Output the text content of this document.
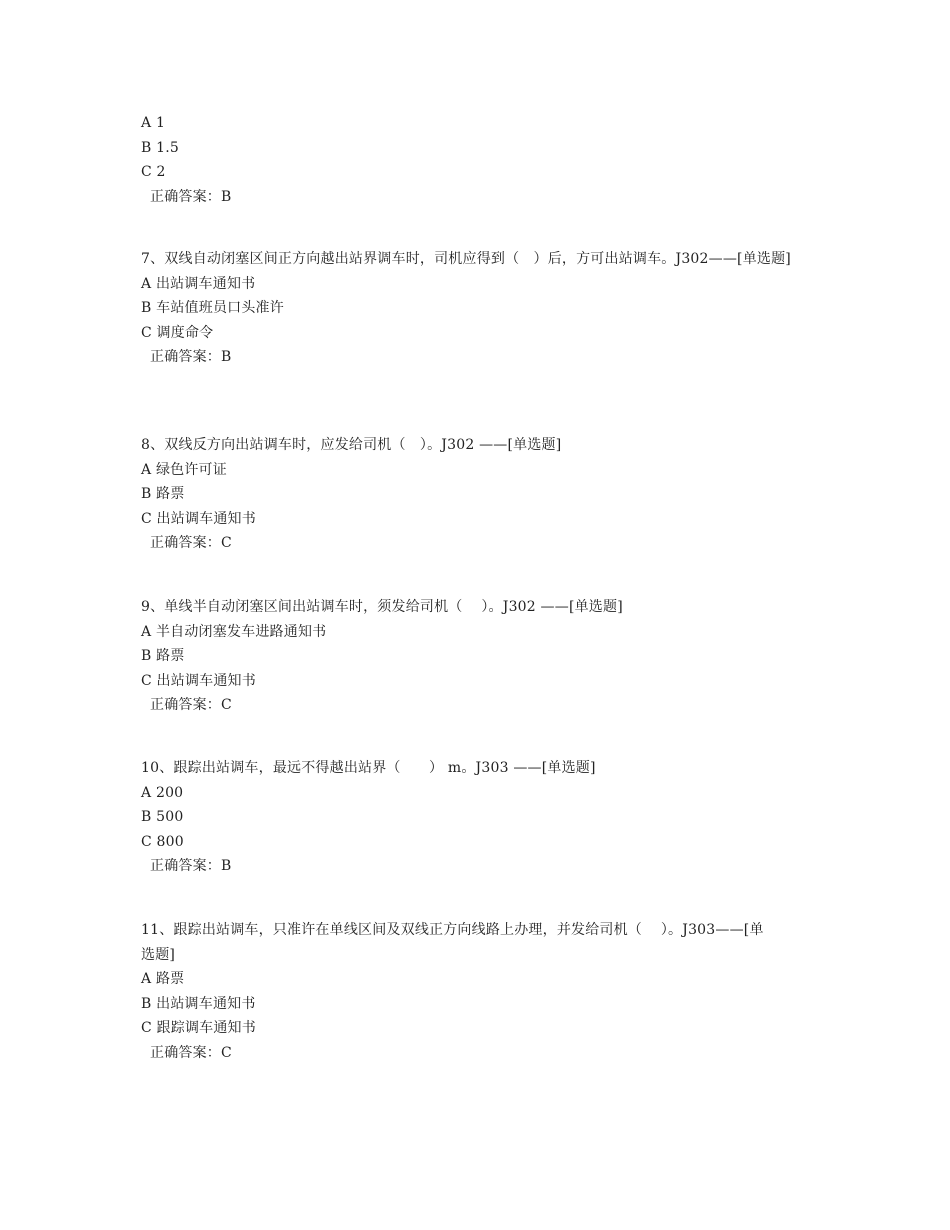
A 1
B 1.5
C 2
正确答案：B
7、双线自动闭塞区间正方向越出站界调车时，司机应得到（　）后，方可出站调车。J302——[单选题]
A 出站调车通知书
B 车站值班员口头准许
C 调度命令
正确答案：B
8、双线反方向出站调车时，应发给司机（　）。J302 ——[单选题]
A 绿色许可证
B 路票
C 出站调车通知书
正确答案：C
9、单线半自动闭塞区间出站调车时，须发给司机（　 ）。J302 ——[单选题]
A 半自动闭塞发车进路通知书
B 路票
C 出站调车通知书
正确答案：C
10、跟踪出站调车，最远不得越出站界（　　） m。J303 ——[单选题]
A 200
B 500
C 800
正确答案：B
11、跟踪出站调车，只准许在单线区间及双线正方向线路上办理，并发给司机（　 ）。J303——[单选题]
A 路票
B 出站调车通知书
C 跟踪调车通知书
正确答案：C
